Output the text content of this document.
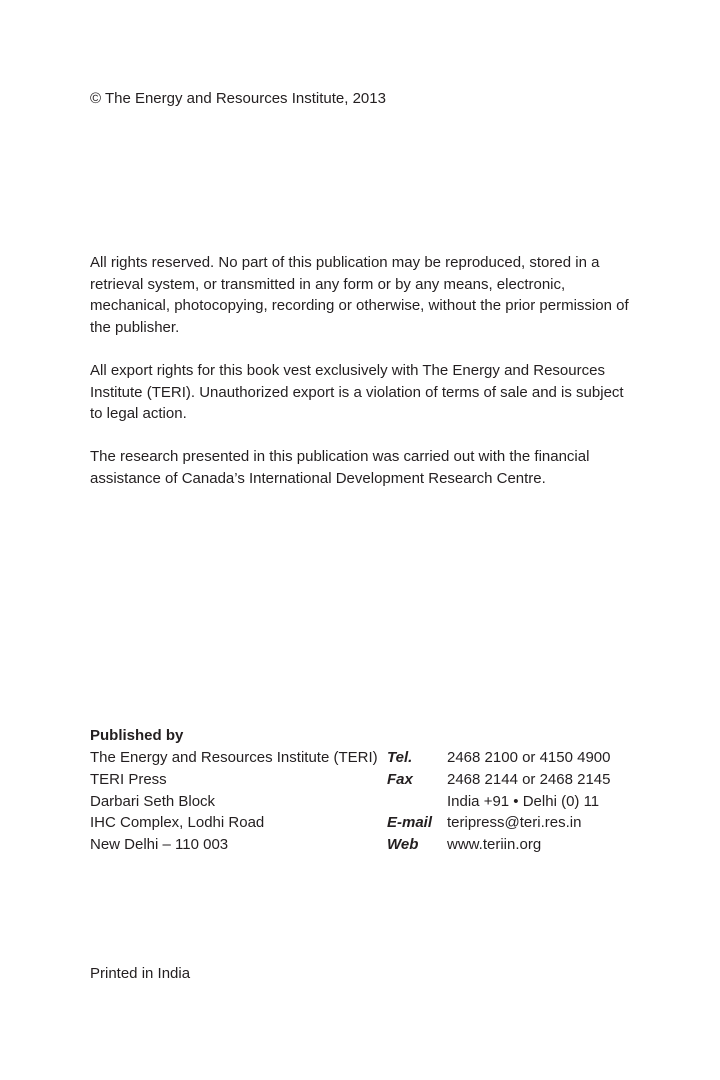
© The Energy and Resources Institute, 2013
All rights reserved. No part of this publication may be reproduced, stored in a retrieval system, or transmitted in any form or by any means, electronic, mechanical, photocopying, recording or otherwise, without the prior permission of the publisher.
All export rights for this book vest exclusively with The Energy and Resources Institute (TERI). Unauthorized export is a violation of terms of sale and is subject to legal action.
The research presented in this publication was carried out with the financial assistance of Canada’s International Development Research Centre.
Published by
The Energy and Resources Institute (TERI)
TERI Press
Darbari Seth Block
IHC Complex, Lodhi Road
New Delhi – 110 003
Tel. 2468 2100 or 4150 4900
Fax 2468 2144 or 2468 2145
India +91 • Delhi (0) 11
E-mail teripress@teri.res.in
Web www.teriin.org
Printed in India
